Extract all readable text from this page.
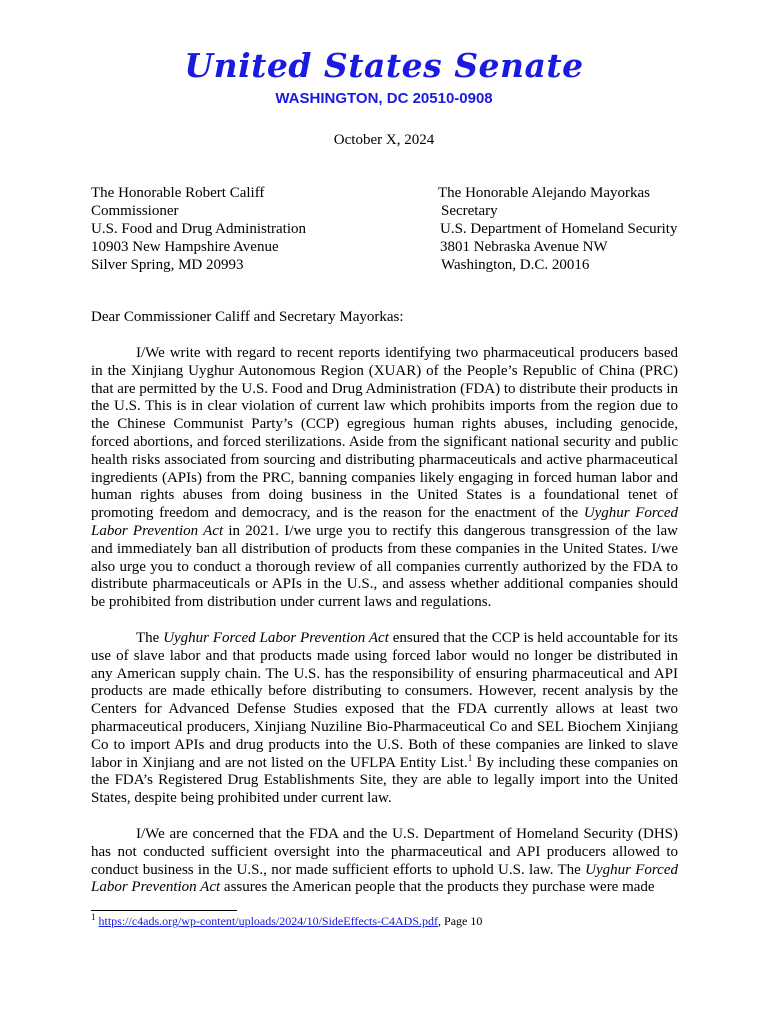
United States Senate
WASHINGTON, DC 20510-0908
October X, 2024
The Honorable Robert Califf
Commissioner
U.S. Food and Drug Administration
10903 New Hampshire Avenue
Silver Spring, MD 20993
The Honorable Alejando Mayorkas
Secretary
U.S. Department of Homeland Security
3801 Nebraska Avenue NW
Washington, D.C. 20016
Dear Commissioner Califf and Secretary Mayorkas:

I/We write with regard to recent reports identifying two pharmaceutical producers based in the Xinjiang Uyghur Autonomous Region (XUAR) of the People’s Republic of China (PRC) that are permitted by the U.S. Food and Drug Administration (FDA) to distribute their products in the U.S. This is in clear violation of current law which prohibits imports from the region due to the Chinese Communist Party’s (CCP) egregious human rights abuses, including genocide, forced abortions, and forced sterilizations. Aside from the significant national security and public health risks associated from sourcing and distributing pharmaceuticals and active pharmaceutical ingredients (APIs) from the PRC, banning companies likely engaging in forced human labor and human rights abuses from doing business in the United States is a foundational tenet of promoting freedom and democracy, and is the reason for the enactment of the Uyghur Forced Labor Prevention Act in 2021. I/we urge you to rectify this dangerous transgression of the law and immediately ban all distribution of products from these companies in the United States. I/we also urge you to conduct a thorough review of all companies currently authorized by the FDA to distribute pharmaceuticals or APIs in the U.S., and assess whether additional companies should be prohibited from distribution under current laws and regulations.

The Uyghur Forced Labor Prevention Act ensured that the CCP is held accountable for its use of slave labor and that products made using forced labor would no longer be distributed in any American supply chain. The U.S. has the responsibility of ensuring pharmaceutical and API products are made ethically before distributing to consumers. However, recent analysis by the Centers for Advanced Defense Studies exposed that the FDA currently allows at least two pharmaceutical producers, Xinjiang Nuziline Bio-Pharmaceutical Co and SEL Biochem Xinjiang Co to import APIs and drug products into the U.S. Both of these companies are linked to slave labor in Xinjiang and are not listed on the UFLPA Entity List.$^1$ By including these companies on the FDA’s Registered Drug Establishments Site, they are able to legally import into the United States, despite being prohibited under current law.

I/We are concerned that the FDA and the U.S. Department of Homeland Security (DHS) has not conducted sufficient oversight into the pharmaceutical and API producers allowed to conduct business in the U.S., nor made sufficient efforts to uphold U.S. law. The Uyghur Forced Labor Prevention Act assures the American people that the products they purchase were made

$^1$ https://c4ads.org/wp-content/uploads/2024/10/SideEffects-C4ADS.pdf, Page 10
